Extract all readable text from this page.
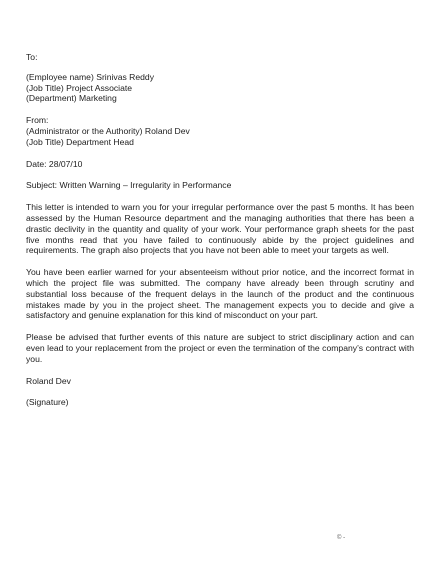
To:
(Employee name) Srinivas Reddy
(Job Title) Project Associate
(Department) Marketing
From:
(Administrator or the Authority) Roland Dev
(Job Title) Department Head
Date: 28/07/10
Subject: Written Warning – Irregularity in Performance

This letter is intended to warn you for your irregular performance over the past 5 months. It has been assessed by the Human Resource department and the managing authorities that there has been a drastic declivity in the quantity and quality of your work. Your performance graph sheets for the past five months read that you have failed to continuously abide by the project guidelines and requirements. The graph also projects that you have not been able to meet your targets as well.

You have been earlier warned for your absenteeism without prior notice, and the incorrect format in which the project file was submitted. The company have already been through scrutiny and substantial loss because of the frequent delays in the launch of the product and the continuous mistakes made by you in the project sheet. The management expects you to decide and give a satisfactory and genuine explanation for this kind of misconduct on your part.

Please be advised that further events of this nature are subject to strict disciplinary action and can even lead to your replacement from the project or even the termination of the company’s contract with you.

Roland Dev
(Signature)
© -
